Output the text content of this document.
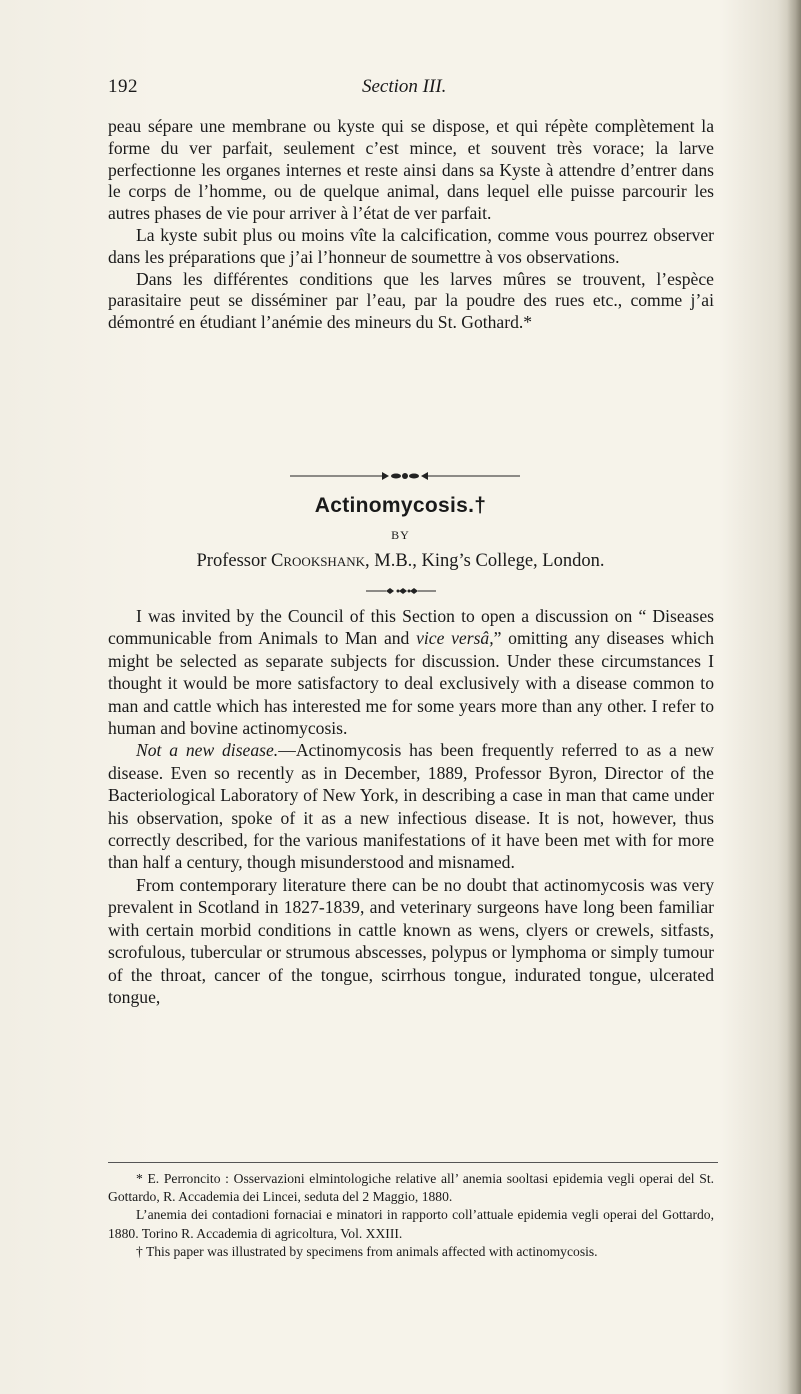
192	Section III.

peau sépare une membrane ou kyste qui se dispose, et qui répète complètement la forme du ver parfait, seulement c’est mince, et souvent très vorace; la larve perfectionne les organes internes et reste ainsi dans sa Kyste à attendre d’entrer dans le corps de l’homme, ou de quelque animal, dans lequel elle puisse parcourir les autres phases de vie pour arriver à l’état de ver parfait.

La kyste subit plus ou moins vîte la calcification, comme vous pourrez observer dans les préparations que j’ai l’honneur de soumettre à vos observations.

Dans les différentes conditions que les larves mûres se trouvent, l’espèce parasitaire peut se disséminer par l’eau, par la poudre des rues etc., comme j’ai démontré en étudiant l’anémie des mineurs du St. Gothard.*

Actinomycosis.†
BY
Professor Crookshank, M.B., King’s College, London.

I was invited by the Council of this Section to open a discussion on “ Diseases communicable from Animals to Man and vice versâ,” omitting any diseases which might be selected as separate subjects for discussion. Under these circumstances I thought it would be more satisfactory to deal exclusively with a disease common to man and cattle which has interested me for some years more than any other. I refer to human and bovine actinomycosis.

Not a new disease.—Actinomycosis has been frequently referred to as a new disease. Even so recently as in December, 1889, Professor Byron, Director of the Bacteriological Laboratory of New York, in describing a case in man that came under his observation, spoke of it as a new infectious disease. It is not, however, thus correctly described, for the various manifestations of it have been met with for more than half a century, though misunderstood and misnamed.

From contemporary literature there can be no doubt that actinomycosis was very prevalent in Scotland in 1827-1839, and veterinary surgeons have long been familiar with certain morbid conditions in cattle known as wens, clyers or crewels, sitfasts, scrofulous, tubercular or strumous abscesses, polypus or lymphoma or simply tumour of the throat, cancer of the tongue, scirrhous tongue, indurated tongue, ulcerated tongue,

* E. Perroncito : Osservazioni elmintologiche relative all’ anemia sooltasi epidemia vegli operai del St. Gottardo, R. Accademia dei Lincei, seduta del 2 Maggio, 1880.

L’anemia dei contadioni fornaciai e minatori in rapporto coll’attuale epidemia vegli operai del Gottardo, 1880. Torino R. Accademia di agricoltura, Vol. XXIII.

† This paper was illustrated by specimens from animals affected with actinomycosis.
